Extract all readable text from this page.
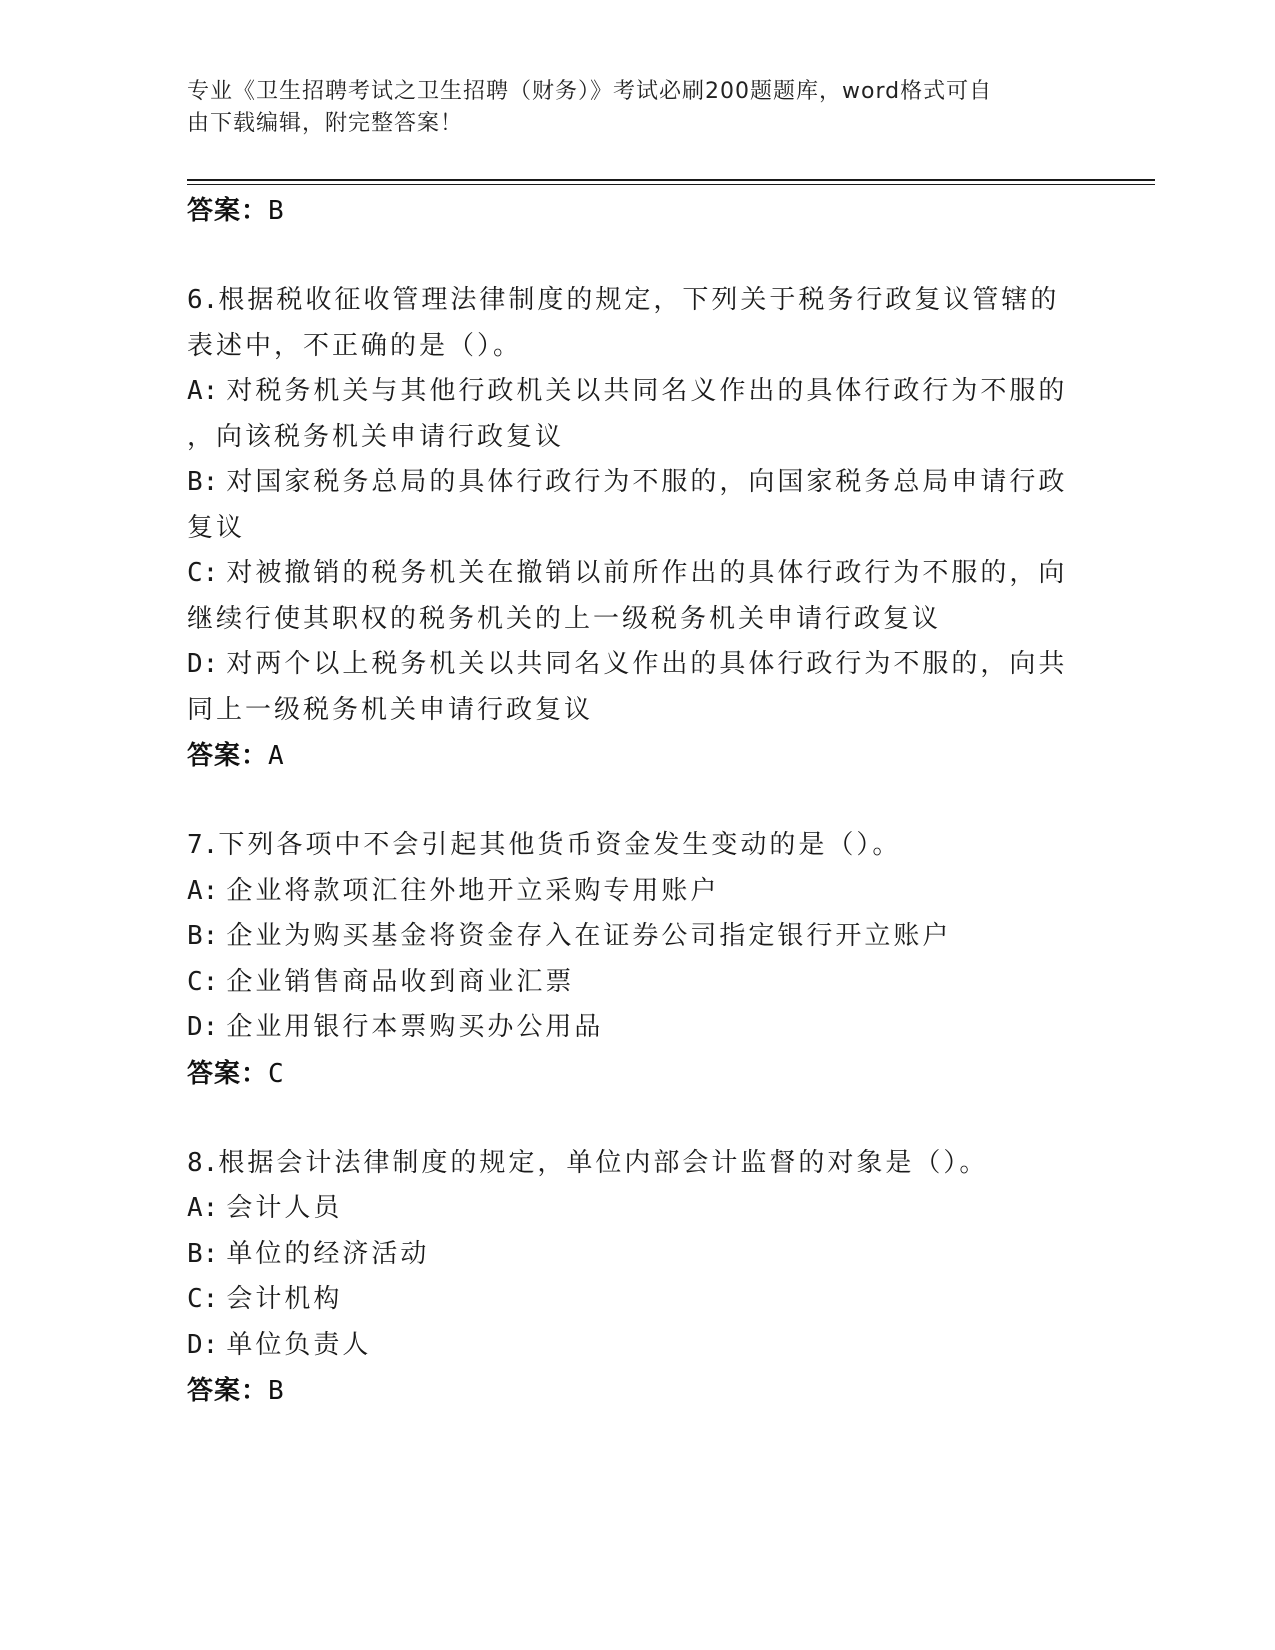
专业《卫生招聘考试之卫生招聘（财务）》考试必刷200题题库，word格式可自
由下载编辑，附完整答案！
答案：B
6.根据税收征收管理法律制度的规定，下列关于税务行政复议管辖的
表述中，不正确的是（）。
A: 对税务机关与其他行政机关以共同名义作出的具体行政行为不服的
，向该税务机关申请行政复议
B: 对国家税务总局的具体行政行为不服的，向国家税务总局申请行政
复议
C: 对被撤销的税务机关在撤销以前所作出的具体行政行为不服的，向
继续行使其职权的税务机关的上一级税务机关申请行政复议
D: 对两个以上税务机关以共同名义作出的具体行政行为不服的，向共
同上一级税务机关申请行政复议
答案：A
7.下列各项中不会引起其他货币资金发生变动的是（）。
A: 企业将款项汇往外地开立采购专用账户
B: 企业为购买基金将资金存入在证券公司指定银行开立账户
C: 企业销售商品收到商业汇票
D: 企业用银行本票购买办公用品
答案：C
8.根据会计法律制度的规定，单位内部会计监督的对象是（）。
A: 会计人员
B: 单位的经济活动
C: 会计机构
D: 单位负责人
答案：B
